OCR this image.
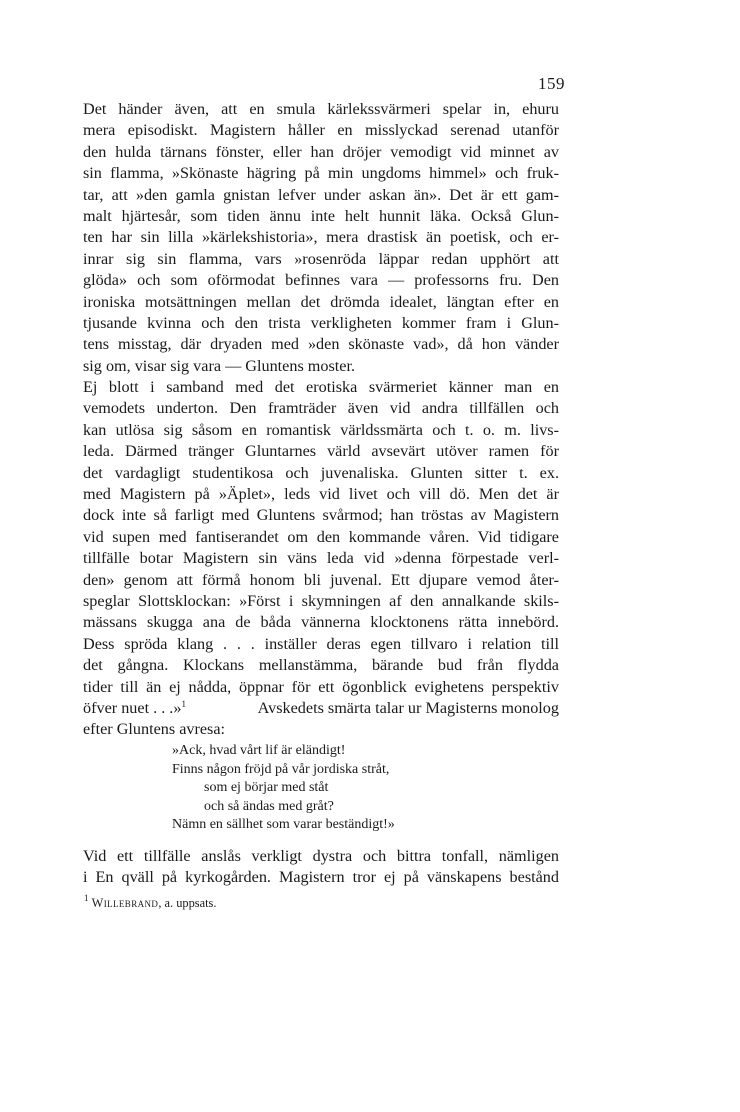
159
Det händer även, att en smula kärlekssvärmeri spelar in, ehuru
mera episodiskt. Magistern håller en misslyckad serenad utanför
den hulda tärnans fönster, eller han dröjer vemodigt vid minnet av
sin flamma, »Skönaste hägring på min ungdoms himmel» och fruk-
tar, att »den gamla gnistan lefver under askan än». Det är ett gam-
malt hjärtesår, som tiden ännu inte helt hunnit läka. Också Glun-
ten har sin lilla »kärlekshistoria», mera drastisk än poetisk, och er-
inrar sig sin flamma, vars »rosenröda läppar redan upphört att
glöda» och som oförmodat befinnes vara — professorns fru. Den
ironiska motsättningen mellan det drömda idealet, längtan efter en
tjusande kvinna och den trista verkligheten kommer fram i Glun-
tens misstag, där dryaden med »den skönaste vad», då hon vänder
sig om, visar sig vara — Gluntens moster.
Ej blott i samband med det erotiska svärmeriet känner man en
vemodets underton. Den framträder även vid andra tillfällen och
kan utlösa sig såsom en romantisk världssmärta och t. o. m. livs-
leda. Därmed tränger Gluntarnes värld avsevärt utöver ramen för
det vardagligt studentikosa och juvenaliska. Glunten sitter t. ex.
med Magistern på »Äplet», leds vid livet och vill dö. Men det är
dock inte så farligt med Gluntens svårmod; han tröstas av Magistern
vid supen med fantiserandet om den kommande våren. Vid tidigare
tillfälle botar Magistern sin väns leda vid »denna förpestade verl-
den» genom att förmå honom bli juvenal. Ett djupare vemod åter-
speglar Slottsklockan: »Först i skymningen af den annalkande skils-
mässans skugga ana de båda vännerna klocktonens rätta innebörd.
Dess spröda klang . . . inställer deras egen tillvaro i relation till
det gångna. Klockans mellanstämma, bärande bud från flydda
tider till än ej nådda, öppnar för ett ögonblick evighetens perspektiv
öfver nuet . . .»$^1$	Avskedets smärta talar ur Magisterns monolog
efter Gluntens avresa:
»Ack, hvad vårt lif är eländigt!
Finns någon fröjd på vår jordiska stråt,
som ej börjar med ståt
och så ändas med gråt?
Nämn en sällhet som varar beständigt!»
Vid ett tillfälle anslås verkligt dystra och bittra tonfall, nämligen
i En qväll på kyrkogården. Magistern tror ej på vänskapens bestånd
$^1$ Willebrand, a. uppsats.
